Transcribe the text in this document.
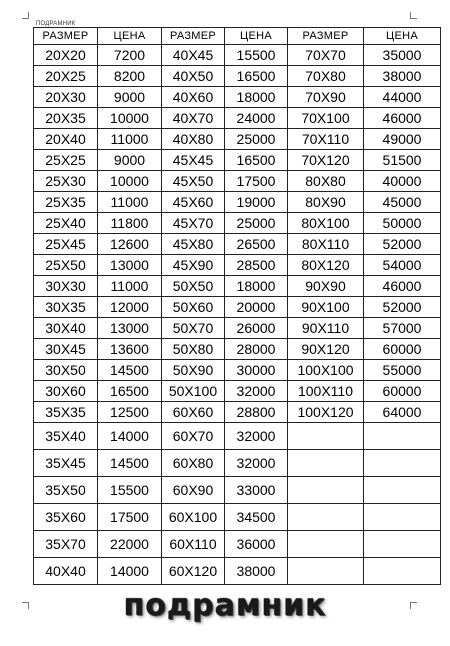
ПОДРАМНИК
РАЗМЕР	ЦЕНА	РАЗМЕР	ЦЕНА	РАЗМЕР	ЦЕНА
20Х20	7200	40Х45	15500	70Х70	35000
20Х25	8200	40Х50	16500	70Х80	38000
20Х30	9000	40Х60	18000	70Х90	44000
20Х35	10000	40Х70	24000	70Х100	46000
20Х40	11000	40Х80	25000	70Х110	49000
25Х25	9000	45Х45	16500	70Х120	51500
25Х30	10000	45Х50	17500	80Х80	40000
25Х35	11000	45Х60	19000	80Х90	45000
25Х40	11800	45Х70	25000	80Х100	50000
25Х45	12600	45Х80	26500	80Х110	52000
25Х50	13000	45Х90	28500	80Х120	54000
30Х30	11000	50Х50	18000	90Х90	46000
30Х35	12000	50Х60	20000	90Х100	52000
30Х40	13000	50Х70	26000	90Х110	57000
30Х45	13600	50Х80	28000	90Х120	60000
30Х50	14500	50Х90	30000	100Х100	55000
30Х60	16500	50Х100	32000	100Х110	60000
35Х35	12500	60Х60	28800	100Х120	64000
35Х40	14000	60Х70	32000		
35Х45	14500	60Х80	32000		
35Х50	15500	60Х90	33000		
35Х60	17500	60Х100	34500		
35Х70	22000	60Х110	36000		
40Х40	14000	60Х120	38000		
подрамник
